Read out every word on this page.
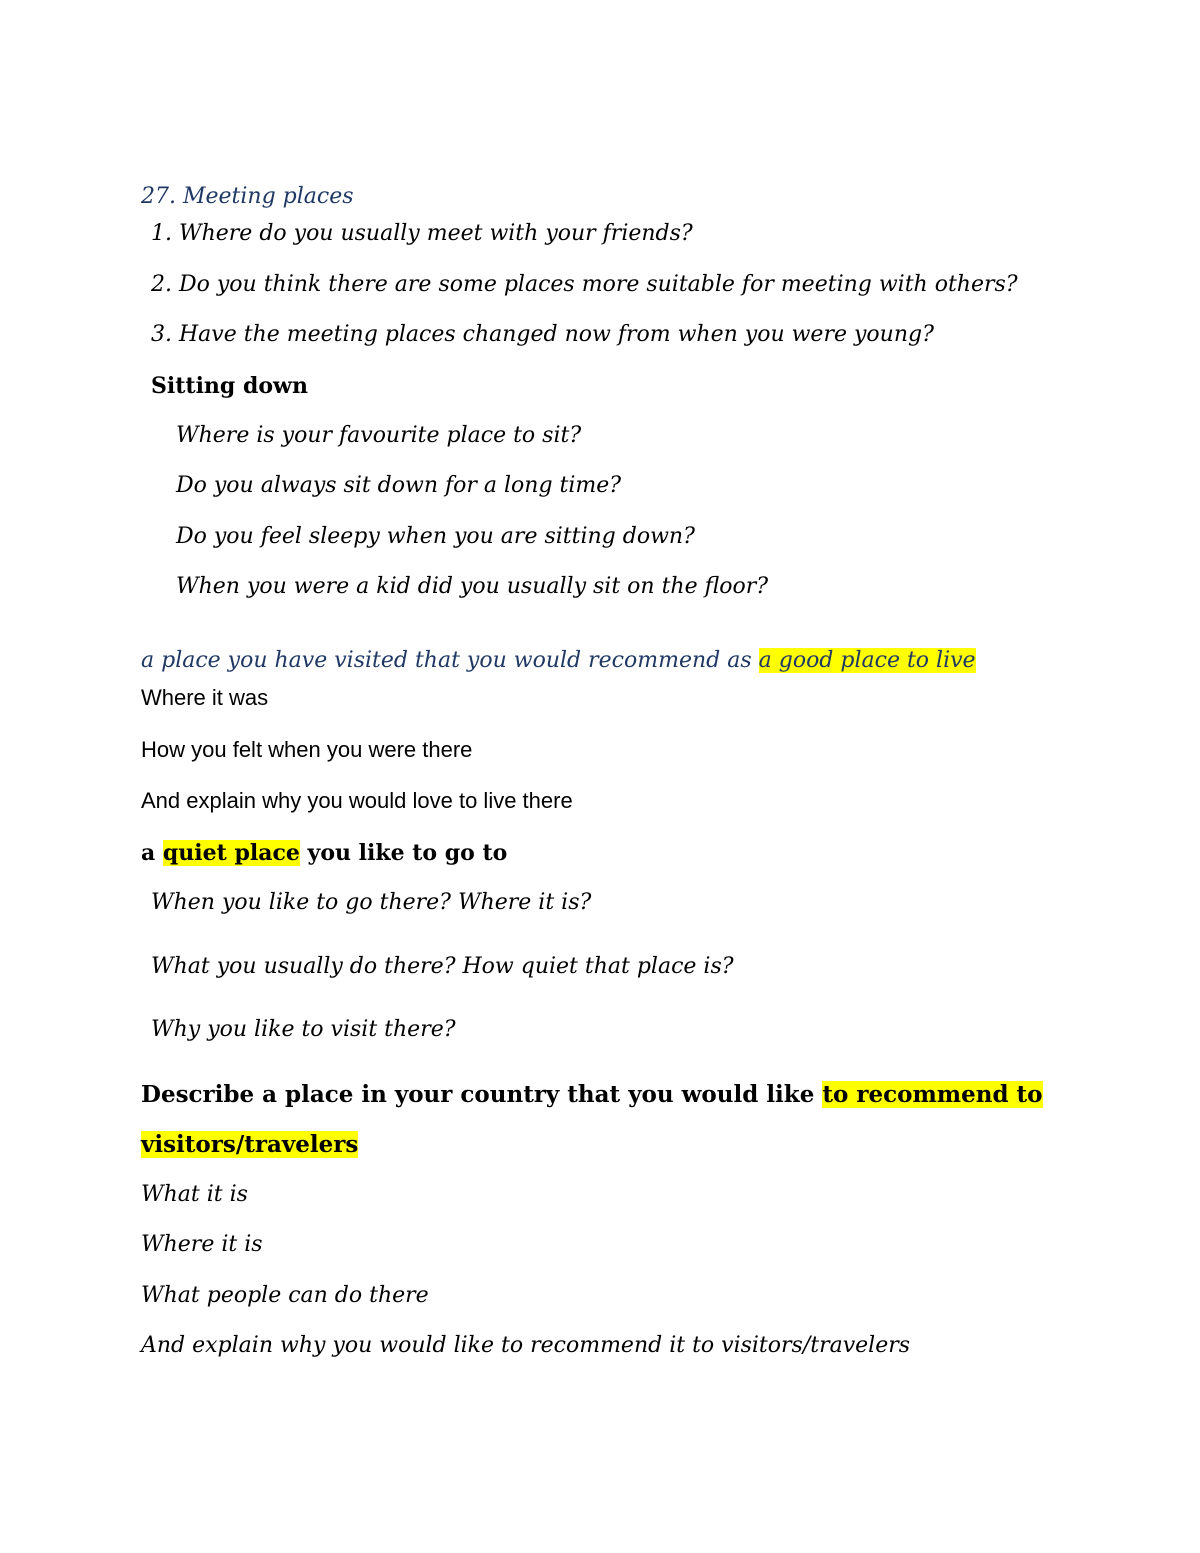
27. Meeting places
1. Where do you usually meet with your friends?
2. Do you think there are some places more suitable for meeting with others?
3. Have the meeting places changed now from when you were young?
Sitting down
Where is your favourite place to sit?
Do you always sit down for a long time?
Do you feel sleepy when you are sitting down?
When you were a kid did you usually sit on the floor?
a place you have visited that you would recommend as a good place to live
Where it was
How you felt when you were there
And explain why you would love to live there
a quiet place you like to go to
When you like to go there? Where it is?
What you usually do there? How quiet that place is?
Why you like to visit there?
Describe a place in your country that you would like to recommend to
visitors/travelers
What it is
Where it is
What people can do there
And explain why you would like to recommend it to visitors/travelers
